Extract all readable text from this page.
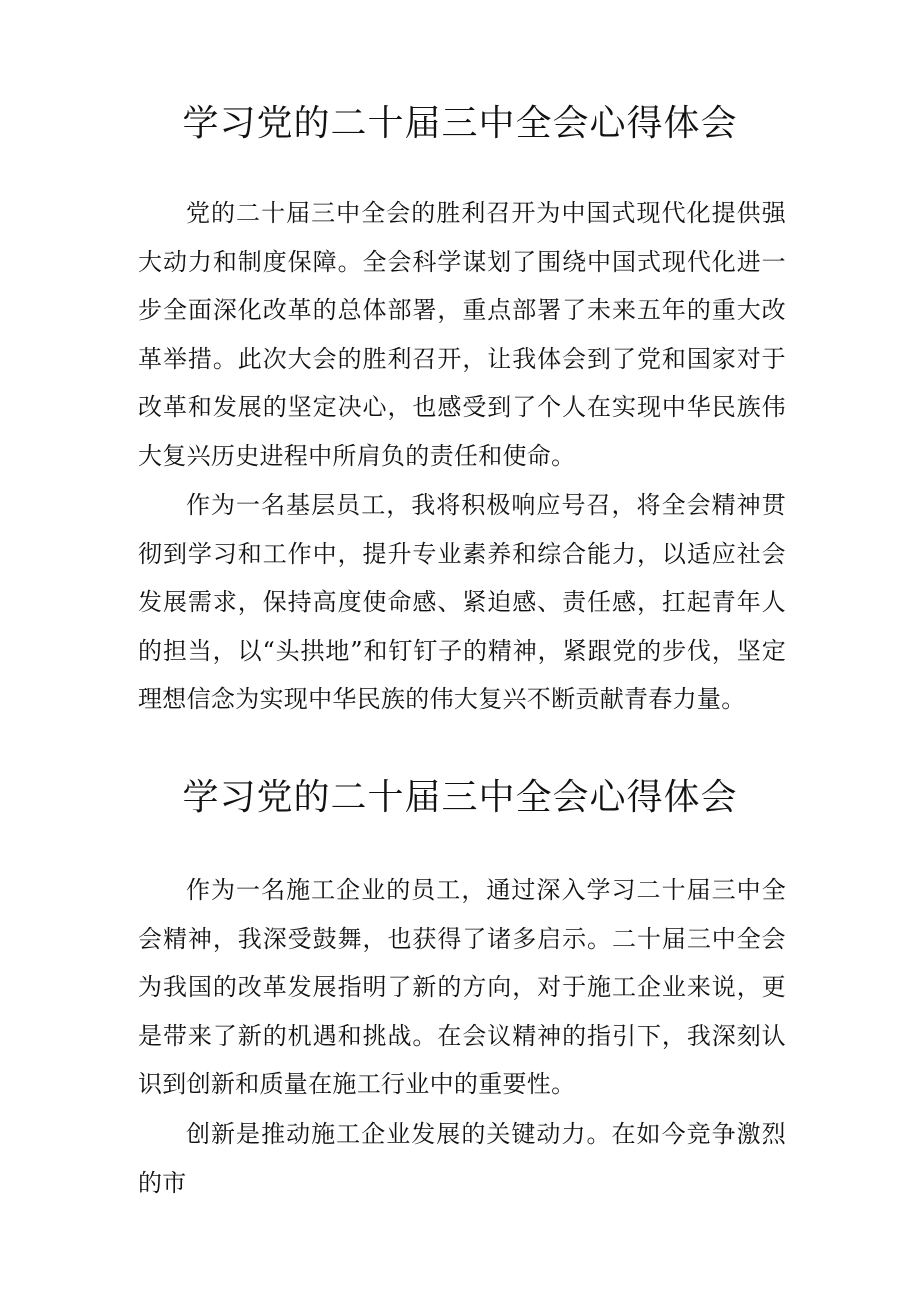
学习党的二十届三中全会心得体会

党的二十届三中全会的胜利召开为中国式现代化提供强大动力和制度保障。全会科学谋划了围绕中国式现代化进一步全面深化改革的总体部署，重点部署了未来五年的重大改革举措。此次大会的胜利召开，让我体会到了党和国家对于改革和发展的坚定决心，也感受到了个人在实现中华民族伟大复兴历史进程中所肩负的责任和使命。

作为一名基层员工，我将积极响应号召，将全会精神贯彻到学习和工作中，提升专业素养和综合能力，以适应社会发展需求，保持高度使命感、紧迫感、责任感，扛起青年人的担当，以“头拱地”和钉钉子的精神，紧跟党的步伐，坚定理想信念为实现中华民族的伟大复兴不断贡献青春力量。

学习党的二十届三中全会心得体会

作为一名施工企业的员工，通过深入学习二十届三中全会精神，我深受鼓舞，也获得了诸多启示。二十届三中全会为我国的改革发展指明了新的方向，对于施工企业来说，更是带来了新的机遇和挑战。在会议精神的指引下，我深刻认识到创新和质量在施工行业中的重要性。

创新是推动施工企业发展的关键动力。在如今竞争激烈的市
